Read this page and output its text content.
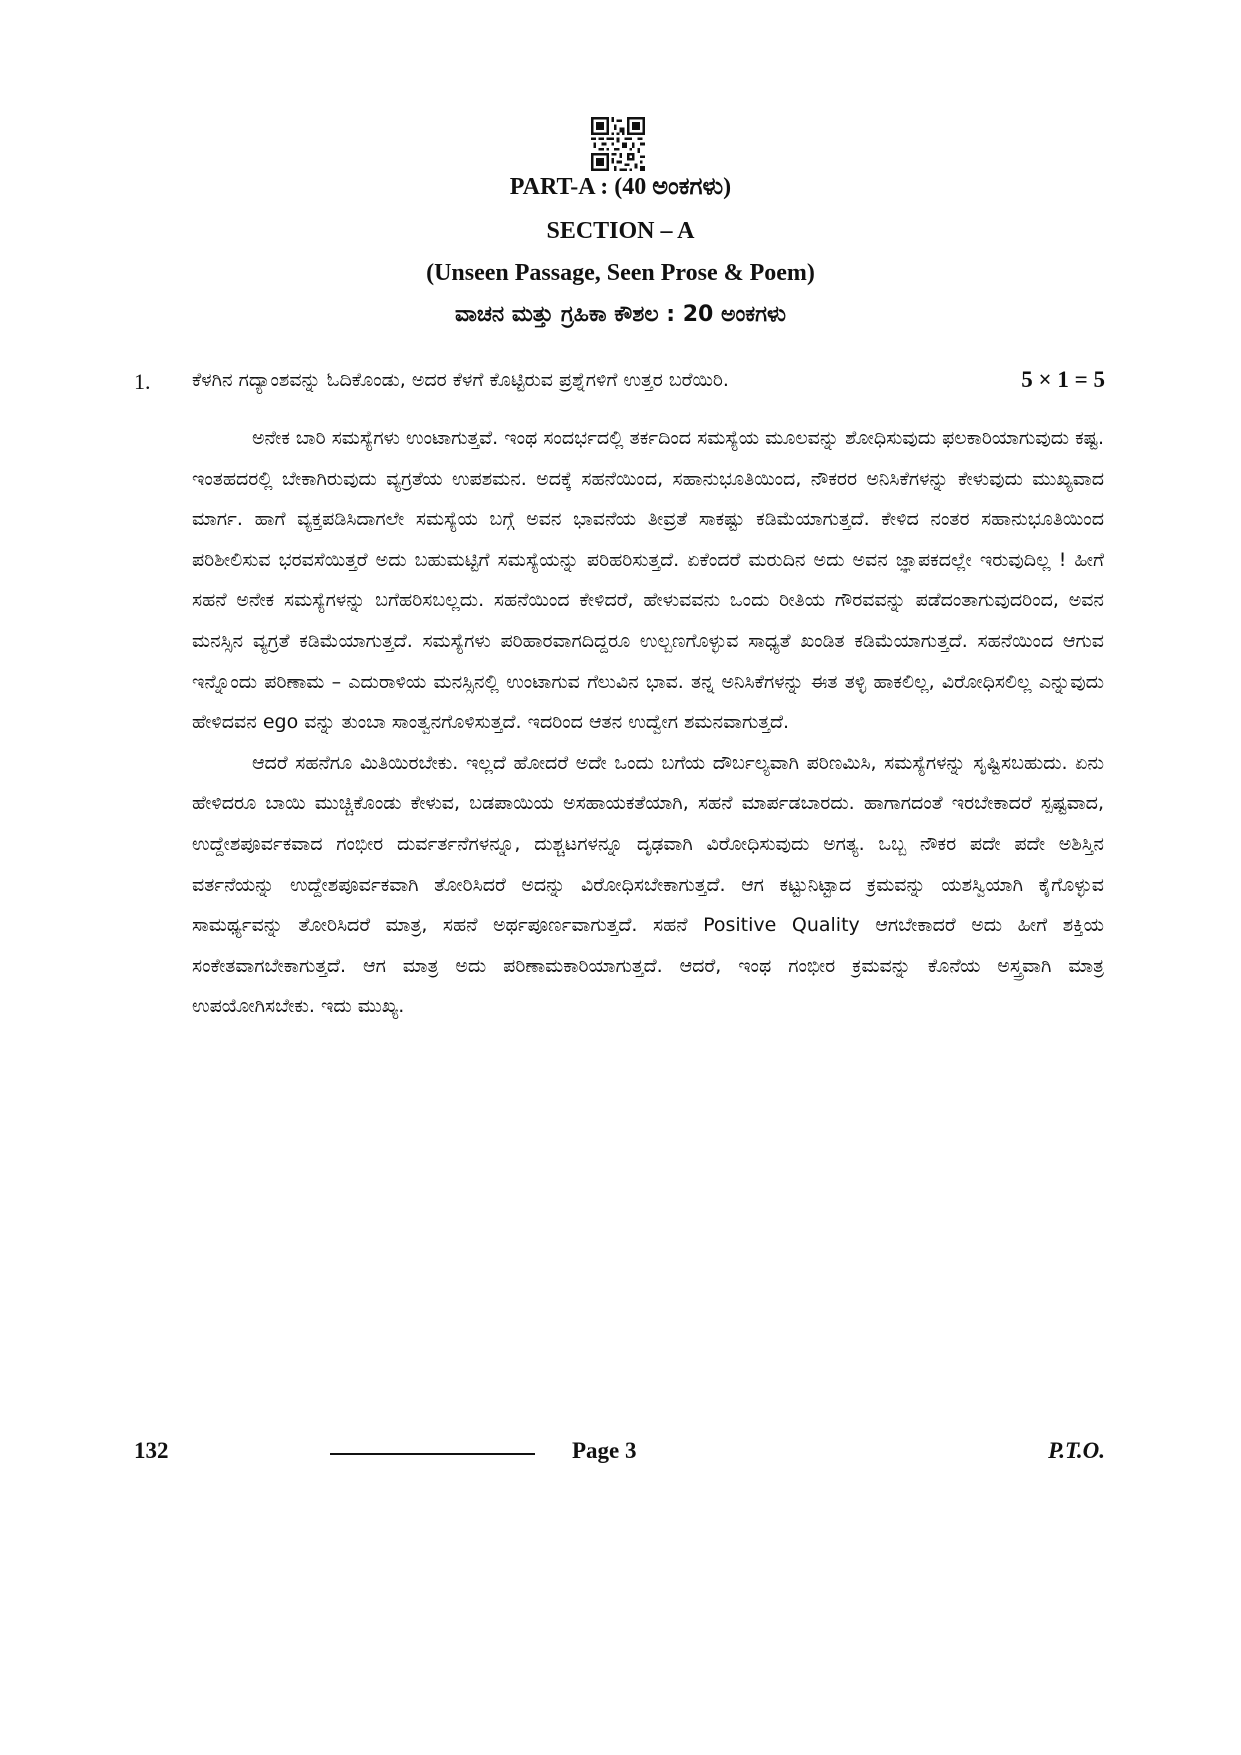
PART-A : (40 ಅಂಕಗಳು)
SECTION – A
(Unseen Passage, Seen Prose & Poem)
ವಾಚನ ಮತ್ತು ಗ್ರಹಿಕಾ ಕೌಶಲ : 20 ಅಂಕಗಳು
1. ಕೆಳಗಿನ ಗದ್ಯಾಂಶವನ್ನು ಓದಿಕೊಂಡು, ಅದರ ಕೆಳಗೆ ಕೊಟ್ಟಿರುವ ಪ್ರಶ್ನೆಗಳಿಗೆ ಉತ್ತರ ಬರೆಯಿರಿ.	5 × 1 = 5

ಅನೇಕ ಬಾರಿ ಸಮಸ್ಯೆಗಳು ಉಂಟಾಗುತ್ತವೆ. ಇಂಥ ಸಂದರ್ಭದಲ್ಲಿ ತರ್ಕದಿಂದ ಸಮಸ್ಯೆಯ ಮೂಲವನ್ನು ಶೋಧಿಸುವುದು ಫಲಕಾರಿಯಾಗುವುದು ಕಷ್ಟ. ಇಂತಹದರಲ್ಲಿ ಬೇಕಾಗಿರುವುದು ವ್ಯಗ್ರತೆಯ ಉಪಶಮನ. ಅದಕ್ಕೆ ಸಹನೆಯಿಂದ, ಸಹಾನುಭೂತಿಯಿಂದ, ನೌಕರರ ಅನಿಸಿಕೆಗಳನ್ನು ಕೇಳುವುದು ಮುಖ್ಯವಾದ ಮಾರ್ಗ. ಹಾಗೆ ವ್ಯಕ್ತಪಡಿಸಿದಾಗಲೇ ಸಮಸ್ಯೆಯ ಬಗ್ಗೆ ಅವನ ಭಾವನೆಯ ತೀವ್ರತೆ ಸಾಕಷ್ಟು ಕಡಿಮೆಯಾಗುತ್ತದೆ. ಕೇಳಿದ ನಂತರ ಸಹಾನುಭೂತಿಯಿಂದ ಪರಿಶೀಲಿಸುವ ಭರವಸೆಯಿತ್ತರೆ ಅದು ಬಹುಮಟ್ಟಿಗೆ ಸಮಸ್ಯೆಯನ್ನು ಪರಿಹರಿಸುತ್ತದೆ. ಏಕೆಂದರೆ ಮರುದಿನ ಅದು ಅವನ ಜ್ಞಾಪಕದಲ್ಲೇ ಇರುವುದಿಲ್ಲ ! ಹೀಗೆ ಸಹನೆ ಅನೇಕ ಸಮಸ್ಯೆಗಳನ್ನು ಬಗೆಹರಿಸಬಲ್ಲದು. ಸಹನೆಯಿಂದ ಕೇಳಿದರೆ, ಹೇಳುವವನು ಒಂದು ರೀತಿಯ ಗೌರವವನ್ನು ಪಡೆದಂತಾಗುವುದರಿಂದ, ಅವನ ಮನಸ್ಸಿನ ವ್ಯಗ್ರತೆ ಕಡಿಮೆಯಾಗುತ್ತದೆ. ಸಮಸ್ಯೆಗಳು ಪರಿಹಾರವಾಗದಿದ್ದರೂ ಉಲ್ಬಣಗೊಳ್ಳುವ ಸಾಧ್ಯತೆ ಖಂಡಿತ ಕಡಿಮೆಯಾಗುತ್ತದೆ. ಸಹನೆಯಿಂದ ಆಗುವ ಇನ್ನೊಂದು ಪರಿಣಾಮ – ಎದುರಾಳಿಯ ಮನಸ್ಸಿನಲ್ಲಿ ಉಂಟಾಗುವ ಗೆಲುವಿನ ಭಾವ. ತನ್ನ ಅನಿಸಿಕೆಗಳನ್ನು ಈತ ತಳ್ಳಿ ಹಾಕಲಿಲ್ಲ, ವಿರೋಧಿಸಲಿಲ್ಲ ಎನ್ನುವುದು ಹೇಳಿದವನ ego ವನ್ನು ತುಂಬಾ ಸಾಂತ್ವನಗೊಳಿಸುತ್ತದೆ. ಇದರಿಂದ ಆತನ ಉದ್ವೇಗ ಶಮನವಾಗುತ್ತದೆ.

ಆದರೆ ಸಹನೆಗೂ ಮಿತಿಯಿರಬೇಕು. ಇಲ್ಲದೆ ಹೋದರೆ ಅದೇ ಒಂದು ಬಗೆಯ ದೌರ್ಬಲ್ಯವಾಗಿ ಪರಿಣಮಿಸಿ, ಸಮಸ್ಯೆಗಳನ್ನು ಸೃಷ್ಟಿಸಬಹುದು. ಏನು ಹೇಳಿದರೂ ಬಾಯಿ ಮುಚ್ಚಿಕೊಂಡು ಕೇಳುವ, ಬಡಪಾಯಿಯ ಅಸಹಾಯಕತೆಯಾಗಿ, ಸಹನೆ ಮಾರ್ಪಡಬಾರದು. ಹಾಗಾಗದಂತೆ ಇರಬೇಕಾದರೆ ಸ್ಪಷ್ಟವಾದ, ಉದ್ದೇಶಪೂರ್ವಕವಾದ ಗಂಭೀರ ದುರ್ವರ್ತನೆಗಳನ್ನೂ, ದುಶ್ಚಟಗಳನ್ನೂ ದೃಢವಾಗಿ ವಿರೋಧಿಸುವುದು ಅಗತ್ಯ. ಒಬ್ಬ ನೌಕರ ಪದೇ ಪದೇ ಅಶಿಸ್ತಿನ ವರ್ತನೆಯನ್ನು ಉದ್ದೇಶಪೂರ್ವಕವಾಗಿ ತೋರಿಸಿದರೆ ಅದನ್ನು ವಿರೋಧಿಸಬೇಕಾಗುತ್ತದೆ. ಆಗ ಕಟ್ಟುನಿಟ್ಟಾದ ಕ್ರಮವನ್ನು ಯಶಸ್ವಿಯಾಗಿ ಕೈಗೊಳ್ಳುವ ಸಾಮರ್ಥ್ಯವನ್ನು ತೋರಿಸಿದರೆ ಮಾತ್ರ, ಸಹನೆ ಅರ್ಥಪೂರ್ಣವಾಗುತ್ತದೆ. ಸಹನೆ Positive Quality ಆಗಬೇಕಾದರೆ ಅದು ಹೀಗೆ ಶಕ್ತಿಯ ಸಂಕೇತವಾಗಬೇಕಾಗುತ್ತದೆ. ಆಗ ಮಾತ್ರ ಅದು ಪರಿಣಾಮಕಾರಿಯಾಗುತ್ತದೆ. ಆದರೆ, ಇಂಥ ಗಂಭೀರ ಕ್ರಮವನ್ನು ಕೊನೆಯ ಅಸ್ತ್ರವಾಗಿ ಮಾತ್ರ ಉಪಯೋಗಿಸಬೇಕು. ಇದು ಮುಖ್ಯ.

132	Page 3	P.T.O.
